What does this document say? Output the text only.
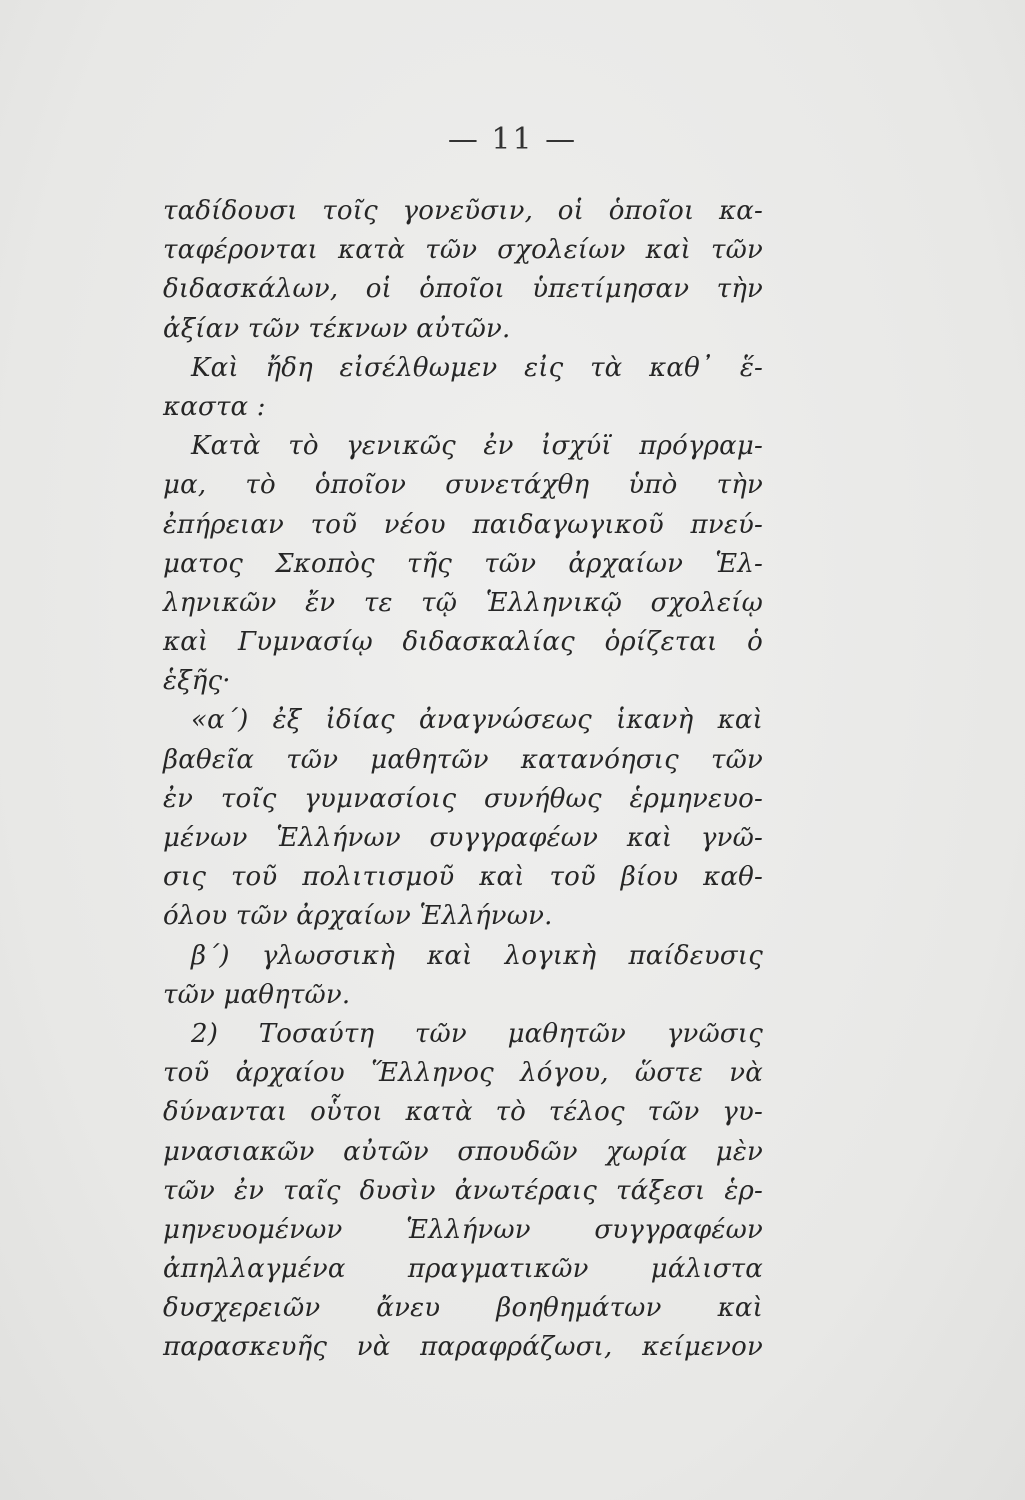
— 11 —
ταδίδουσι τοῖς γονεῦσιν, οἱ ὁποῖοι κα-
ταφέρονται κατὰ τῶν σχολείων καὶ τῶν
διδασκάλων, οἱ ὁποῖοι ὑπετίμησαν τὴν
ἀξίαν τῶν τέκνων αὐτῶν.
Καὶ ἤδη εἰσέλθωμεν εἰς τὰ καθ᾽ ἕ-
καστα :
Κατὰ τὸ γενικῶς ἐν ἰσχύϊ πρόγραμ-
μα, τὸ ὁποῖον συνετάχθη ὑπὸ τὴν
ἐπήρειαν τοῦ νέου παιδαγωγικοῦ πνεύ-
ματος Σκοπὸς τῆς τῶν ἀρχαίων Ἑλ-
ληνικῶν ἔν τε τῷ Ἑλληνικῷ σχολείῳ
καὶ Γυμνασίῳ διδασκαλίας ὁρίζεται ὁ
ἑξῆς·
«α΄) ἐξ ἰδίας ἀναγνώσεως ἱκανὴ καὶ
βαθεῖα τῶν μαθητῶν κατανόησις τῶν
ἐν τοῖς γυμνασίοις συνήθως ἑρμηνευο-
μένων Ἑλλήνων συγγραφέων καὶ γνῶ-
σις τοῦ πολιτισμοῦ καὶ τοῦ βίου καθ-
όλου τῶν ἀρχαίων Ἑλλήνων.
β΄) γλωσσικὴ καὶ λογικὴ παίδευσις
τῶν μαθητῶν.
2) Τοσαύτη τῶν μαθητῶν γνῶσις
τοῦ ἀρχαίου Ἕλληνος λόγου, ὥστε νὰ
δύνανται οὗτοι κατὰ τὸ τέλος τῶν γυ-
μνασιακῶν αὐτῶν σπουδῶν χωρία μὲν
τῶν ἐν ταῖς δυσὶν ἀνωτέραις τάξεσι ἑρ-
μηνευομένων Ἑλλήνων συγγραφέων
ἀπηλλαγμένα πραγματικῶν μάλιστα
δυσχερειῶν ἄνευ βοηθημάτων καὶ
παρασκευῆς νὰ παραφράζωσι, κείμενον
